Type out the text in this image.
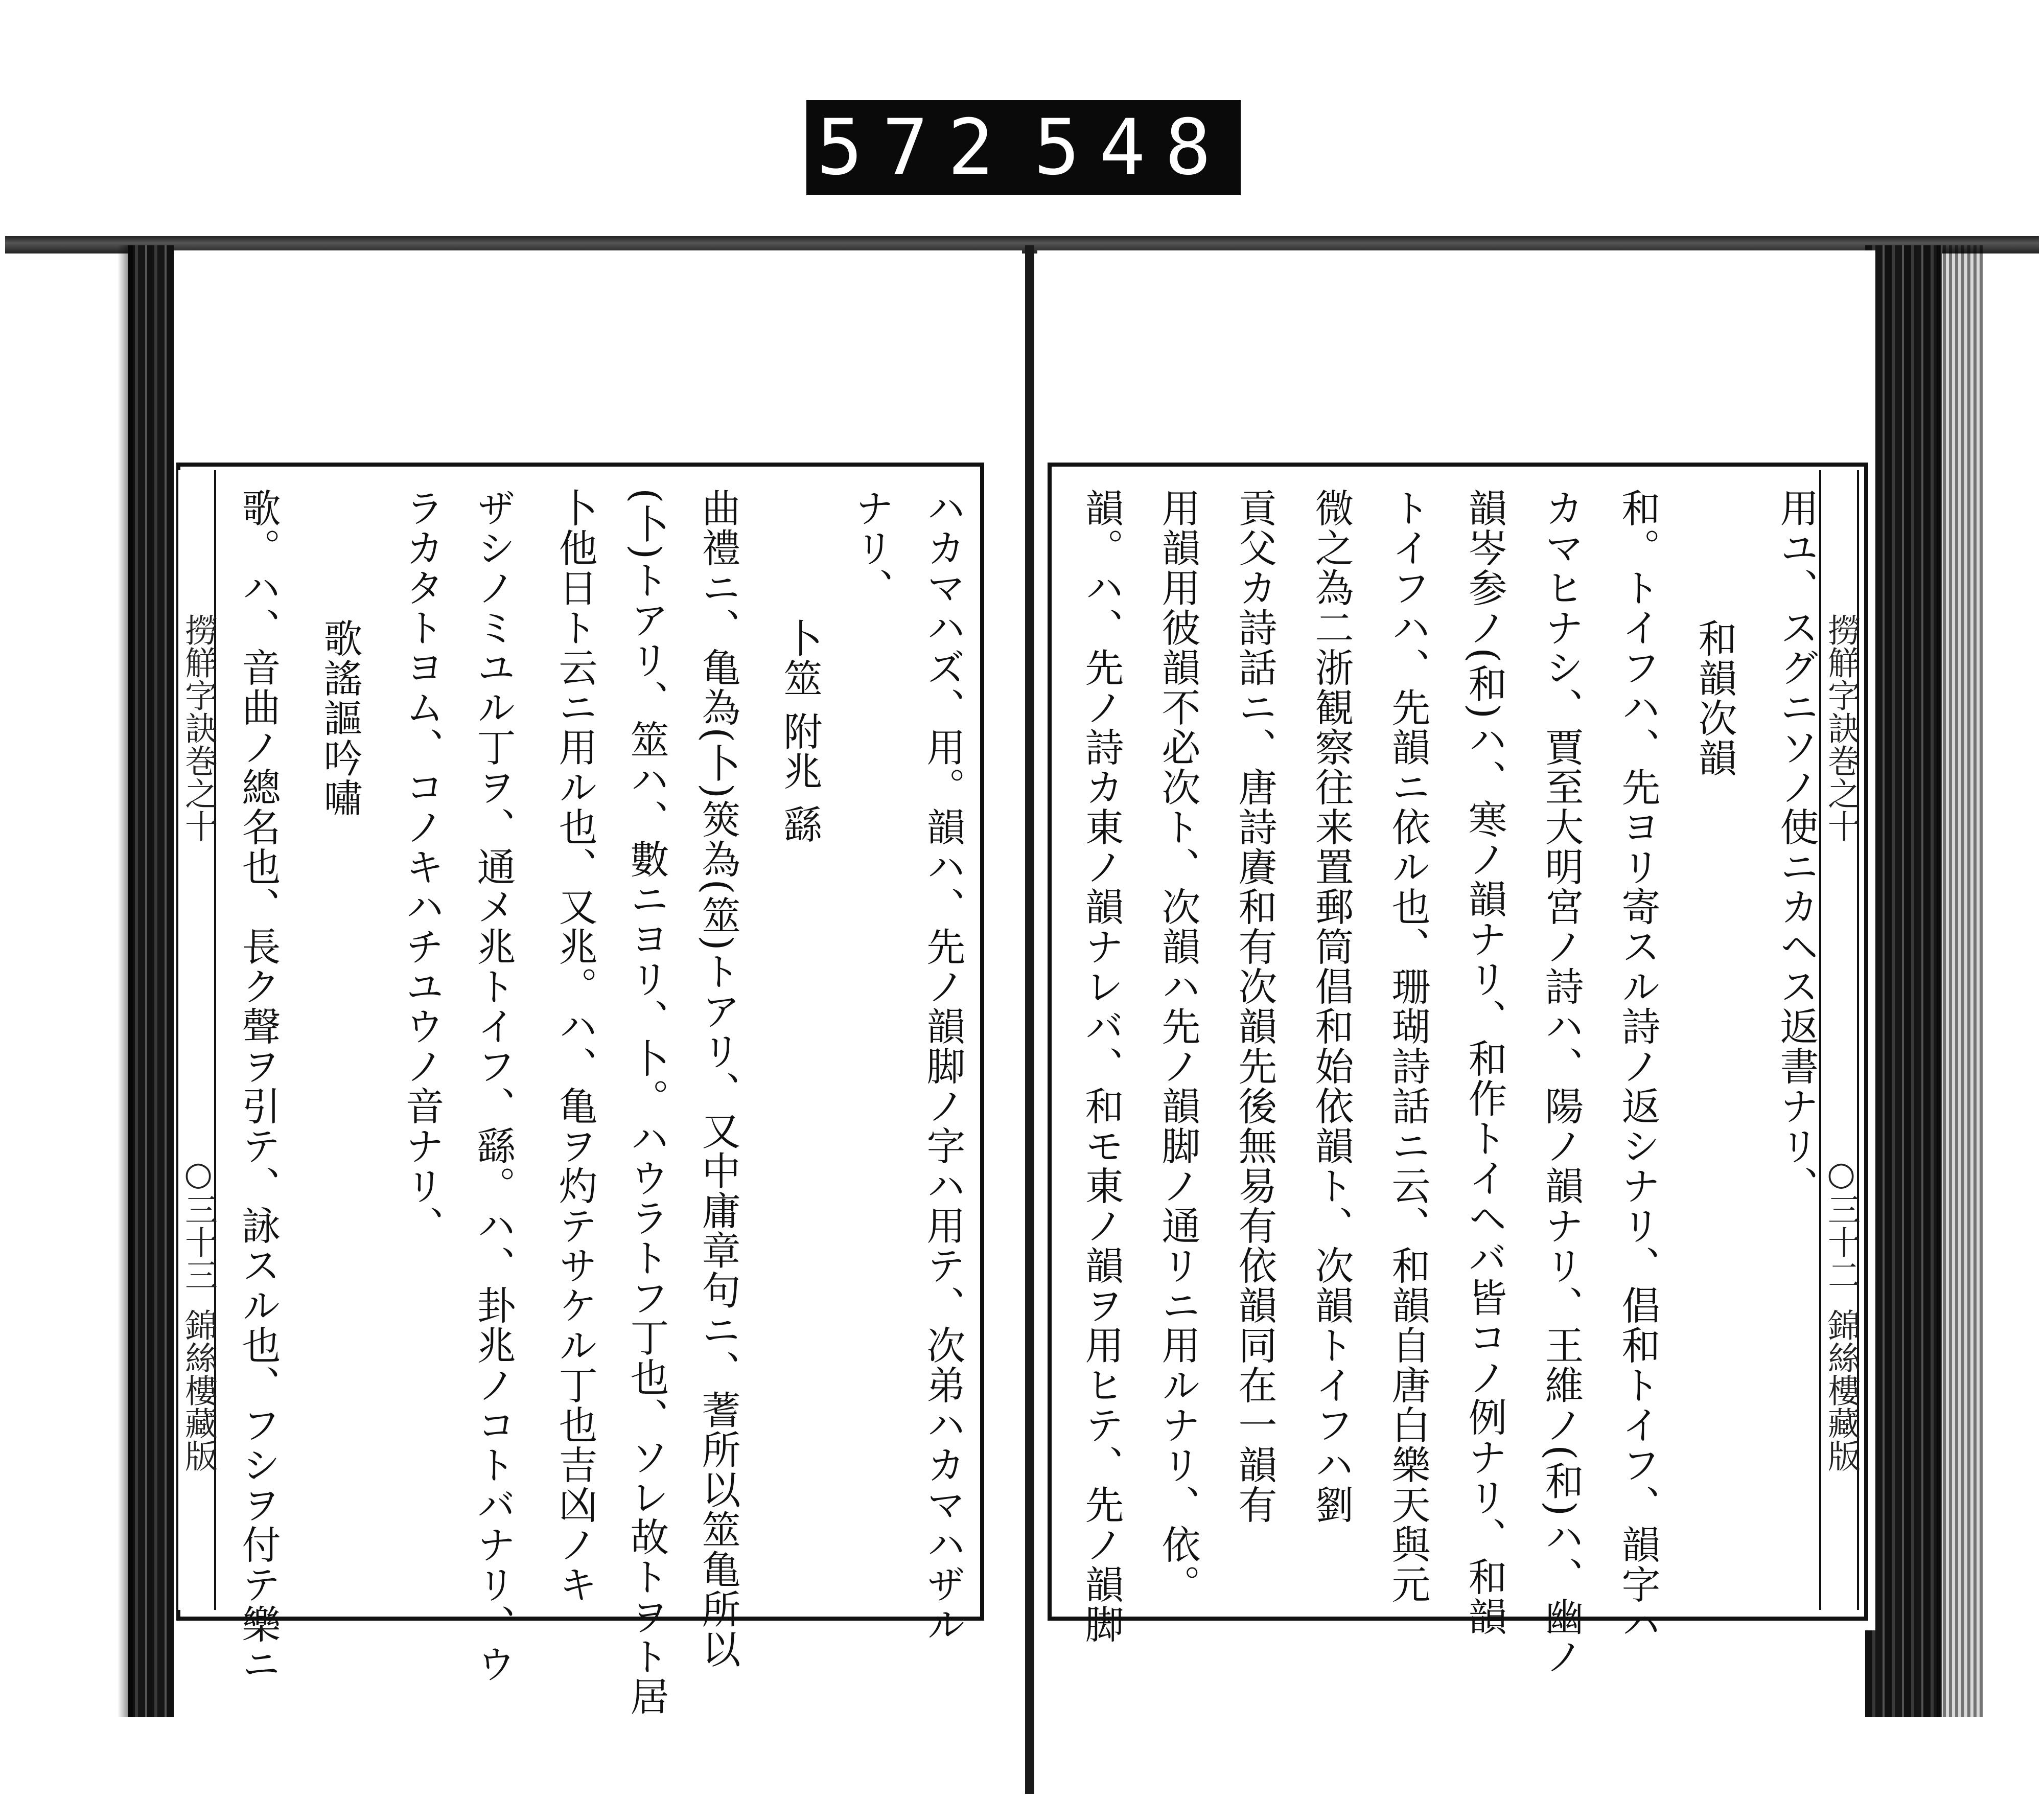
572 548
撈觧字訣巻之十
○三十三
錦絲樓藏版	ハカマハズ、用。韻ハ、先ノ韻脚ノ字ハ用テ、次弟ハカマハザル
ナリ、
卜筮 附兆 繇
曲禮ニ、亀為(卜)筴為(筮)トアリ、又中庸章句ニ、蓍所以筮亀所以
(卜)トアリ、筮ハ、數ニヨリ、卜。ハウラトフ丁也、ソレ故トヲト居
卜他日ト云ニ用ル也、又兆。ハ、亀ヲ灼テサケル丁也吉凶ノキ
ザシノミユル丁ヲ、通メ兆トイフ、繇。ハ、卦兆ノコトバナリ、ウ
ラカタトヨム、コノキハチユウノ音ナリ、
歌謠謳吟嘯
歌。ハ、音曲ノ總名也、長ク聲ヲ引テ、詠スル也、フシヲ付テ樂ニ	撈觧字訣巻之十
○三十二
錦絲樓藏版
用ユ、スグニソノ使ニカヘス返書ナリ、
和韻次韻
和。トイフハ、先ヨリ寄スル詩ノ返シナリ、倡和トイフ、韻字ハ
カマヒナシ、賈至大明宮ノ詩ハ、陽ノ韻ナリ、王維ノ(和)ハ、幽ノ
韻岑参ノ(和)ハ、寒ノ韻ナリ、和作トイヘバ皆コノ例ナリ、和韻
トイフハ、先韻ニ依ル也、珊瑚詩話ニ云、和韻自唐白樂天與元
微之為二浙観察往来置郵筒倡和始依韻ト、次韻トイフハ劉
貢父カ詩話ニ、唐詩賡和有次韻先後無易有依韻同在一韻有
用韻用彼韻不必次ト、次韻ハ先ノ韻脚ノ通リニ用ルナリ、依。
韻。ハ、先ノ詩カ東ノ韻ナレバ、和モ東ノ韻ヲ用ヒテ、先ノ韻脚
